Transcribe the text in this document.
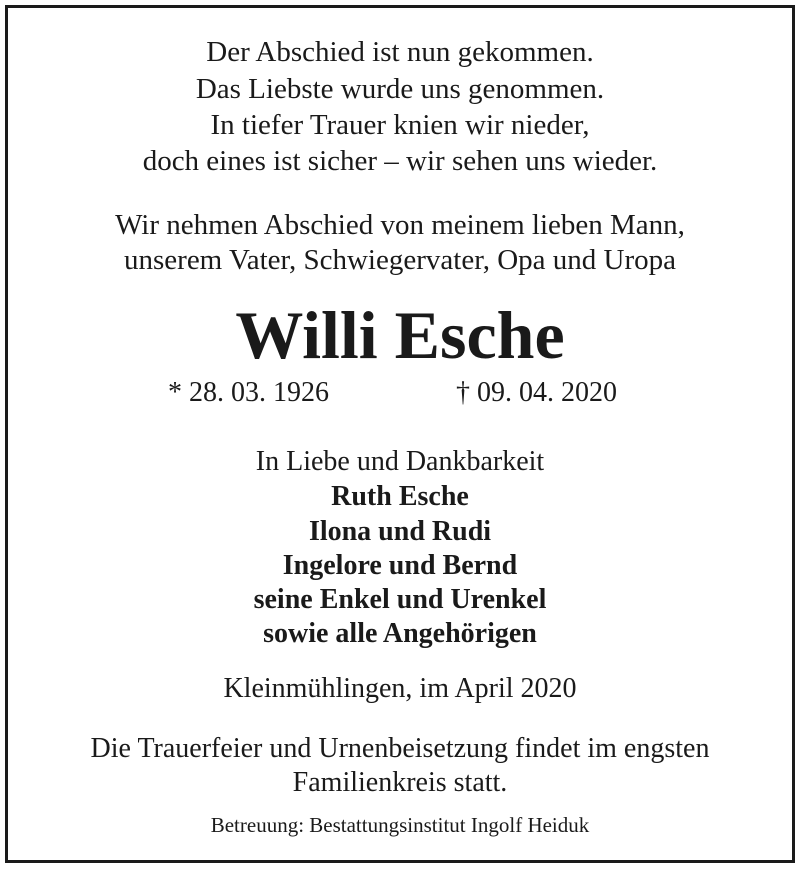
Der Abschied ist nun gekommen.
Das Liebste wurde uns genommen.
In tiefer Trauer knien wir nieder,
doch eines ist sicher – wir sehen uns wieder.
Wir nehmen Abschied von meinem lieben Mann,
unserem Vater, Schwiegervater, Opa und Uropa
Willi Esche
* 28. 03. 1926	† 09. 04. 2020
In Liebe und Dankbarkeit
Ruth Esche
Ilona und Rudi
Ingelore und Bernd
seine Enkel und Urenkel
sowie alle Angehörigen
Kleinmühlingen, im April 2020
Die Trauerfeier und Urnenbeisetzung findet im engsten
Familienkreis statt.
Betreuung: Bestattungsinstitut Ingolf Heiduk
